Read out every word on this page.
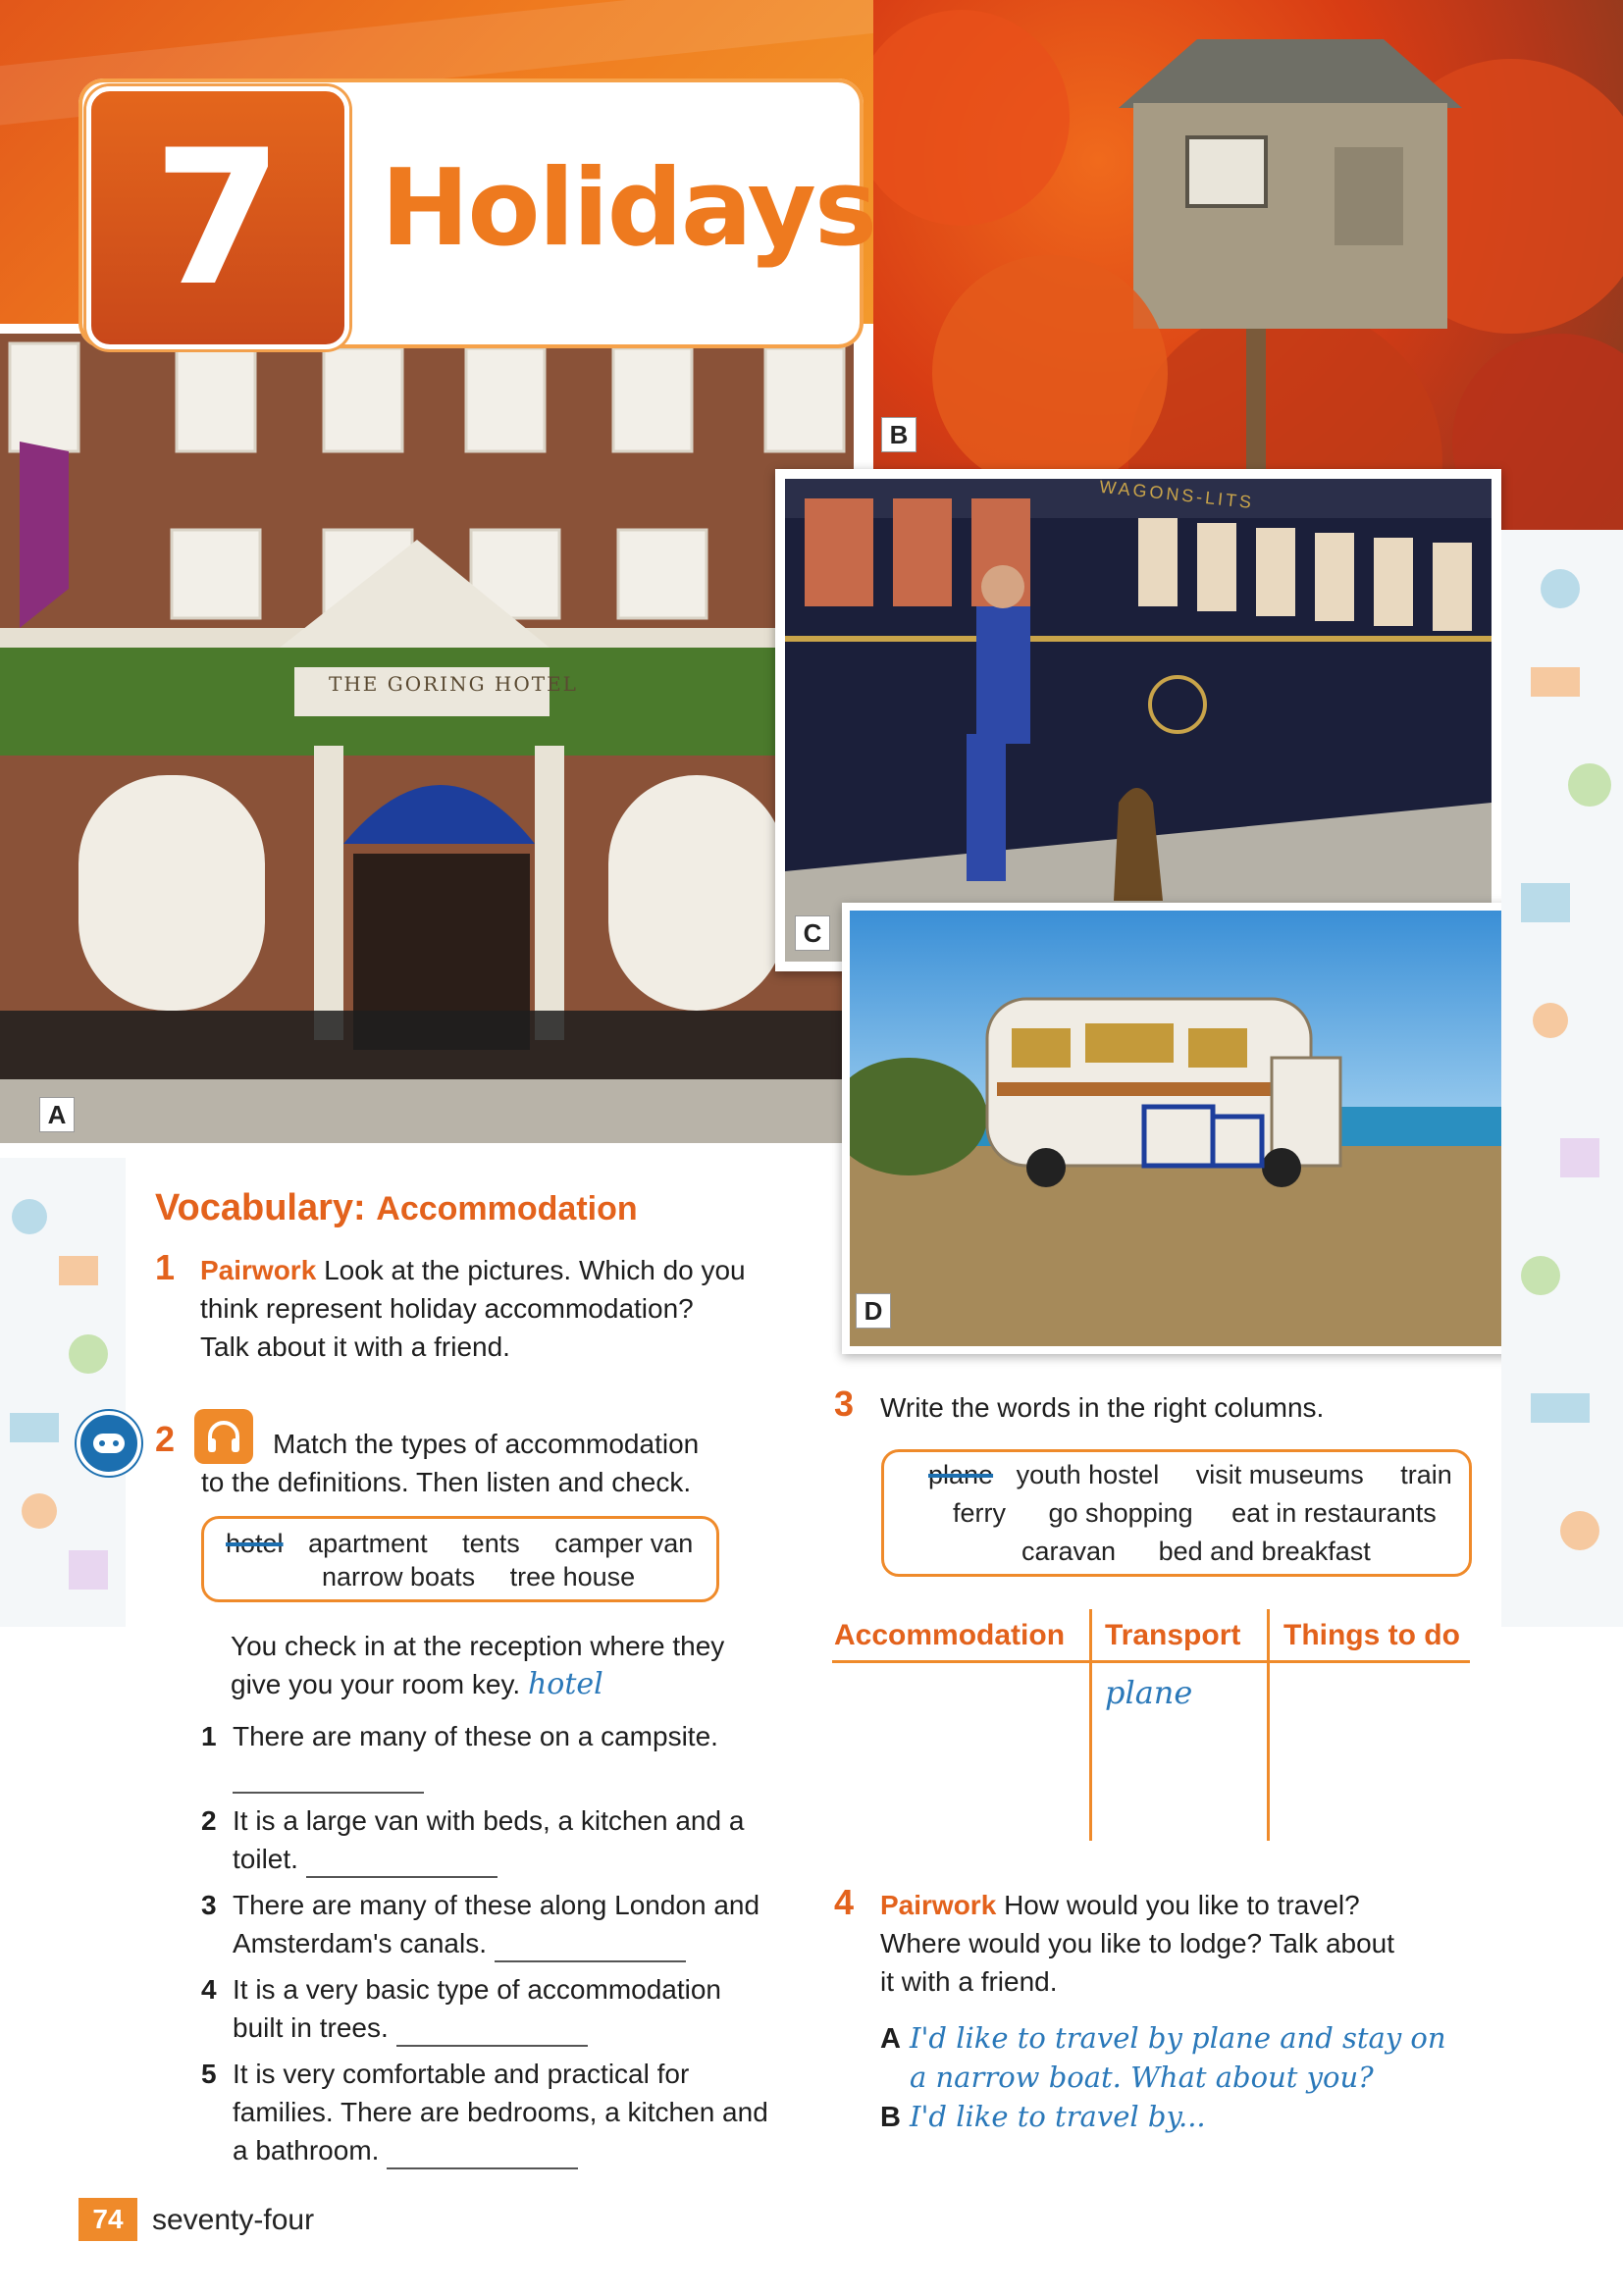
B
THE GORING HOTEL
A
WAGONS-LITS
C
D
7 Holidays
Vocabulary: Accommodation
1 Pairwork Look at the pictures. Which do you
think represent holiday accommodation?
Talk about it with a friend.
2	Match the types of accommodation
to the definitions. Then listen and check.
hotel apartment tents camper van
narrow boats tree house
You check in at the reception where they
give you your room key. hotel
1 There are many of these on a campsite.

2 It is a large van with beds, a kitchen and a
toilet.
3 There are many of these along London and
Amsterdam's canals.
4 It is a very basic type of accommodation
built in trees.
5 It is very comfortable and practical for
families. There are bedrooms, a kitchen and
a bathroom.
3 Write the words in the right columns.
plane youth hostel visit museums train
ferry go shopping eat in restaurants
caravan bed and breakfast
Accommodation Transport Things to do
plane
4 Pairwork How would you like to travel?
Where would you like to lodge? Talk about
it with a friend.
A I'd like to travel by plane and stay on
a narrow boat. What about you?
B I'd like to travel by...
74 seventy-four
